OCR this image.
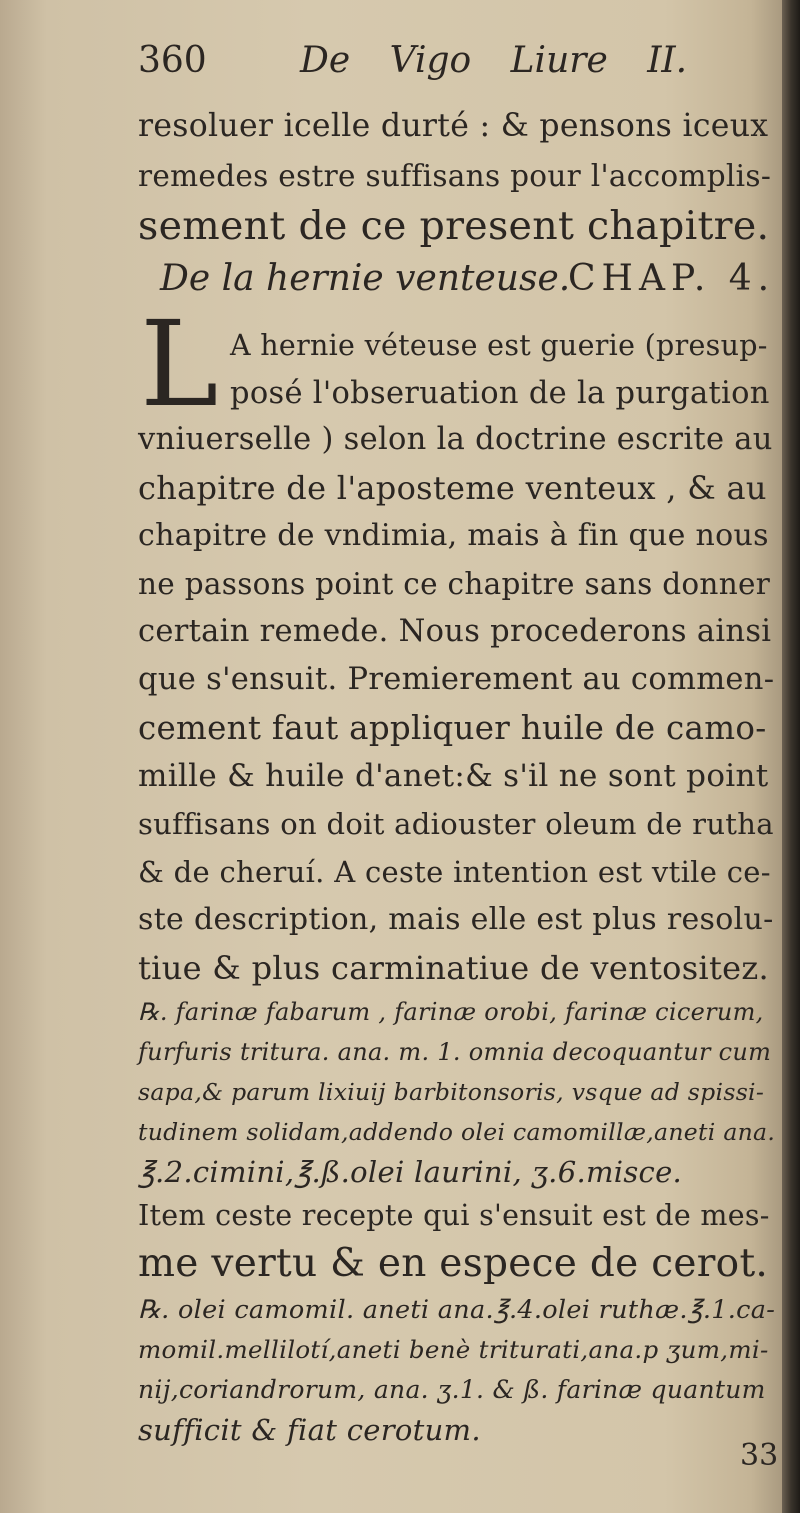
360	De Vigo Liure II.
resoluer icelle durté : & pensons iceux
remedes estre suffisans pour l'accomplis-
sement de ce present chapitre.
De la hernie venteuse.
CHAP. 4.
L A hernie véteuse est guerie (presup-
posé l'obseruation de la purgation
vniuerselle ) selon la doctrine escrite au
chapitre de l'aposteme venteux , & au
chapitre de vndimia, mais à fin que nous
ne passons point ce chapitre sans donner
certain remede. Nous procederons ainsi
que s'ensuit. Premierement au commen-
cement faut appliquer huile de camo-
mille & huile d'anet:& s'il ne sont point
suffisans on doit adiouster oleum de rutha
& de cheruí. A ceste intention est vtile ce-
ste description, mais elle est plus resolu-
tiue & plus carminatiue de ventositez.
℞. farinæ fabarum , farinæ orobi, farinæ cicerum,
furfuris tritura. ana. m. 1. omnia decoquantur cum
sapa,& parum lixiuij barbitonsoris, vsque ad spissi-
tudinem solidam,addendo olei camomillæ,aneti ana.
℥.2.cimini,℥.ß.olei laurini, ʒ.6.misce.
Item ceste recepte qui s'ensuit est de mes-
me vertu & en espece de cerot.
℞. olei camomil. aneti ana.℥.4.olei ruthæ.℥.1.ca-
momil.mellilotí,aneti benè triturati,ana.p ʒum,mi-
nij,coriandrorum, ana. ʒ.1. & ß. farinæ quantum
sufficit & fiat cerotum.
33
